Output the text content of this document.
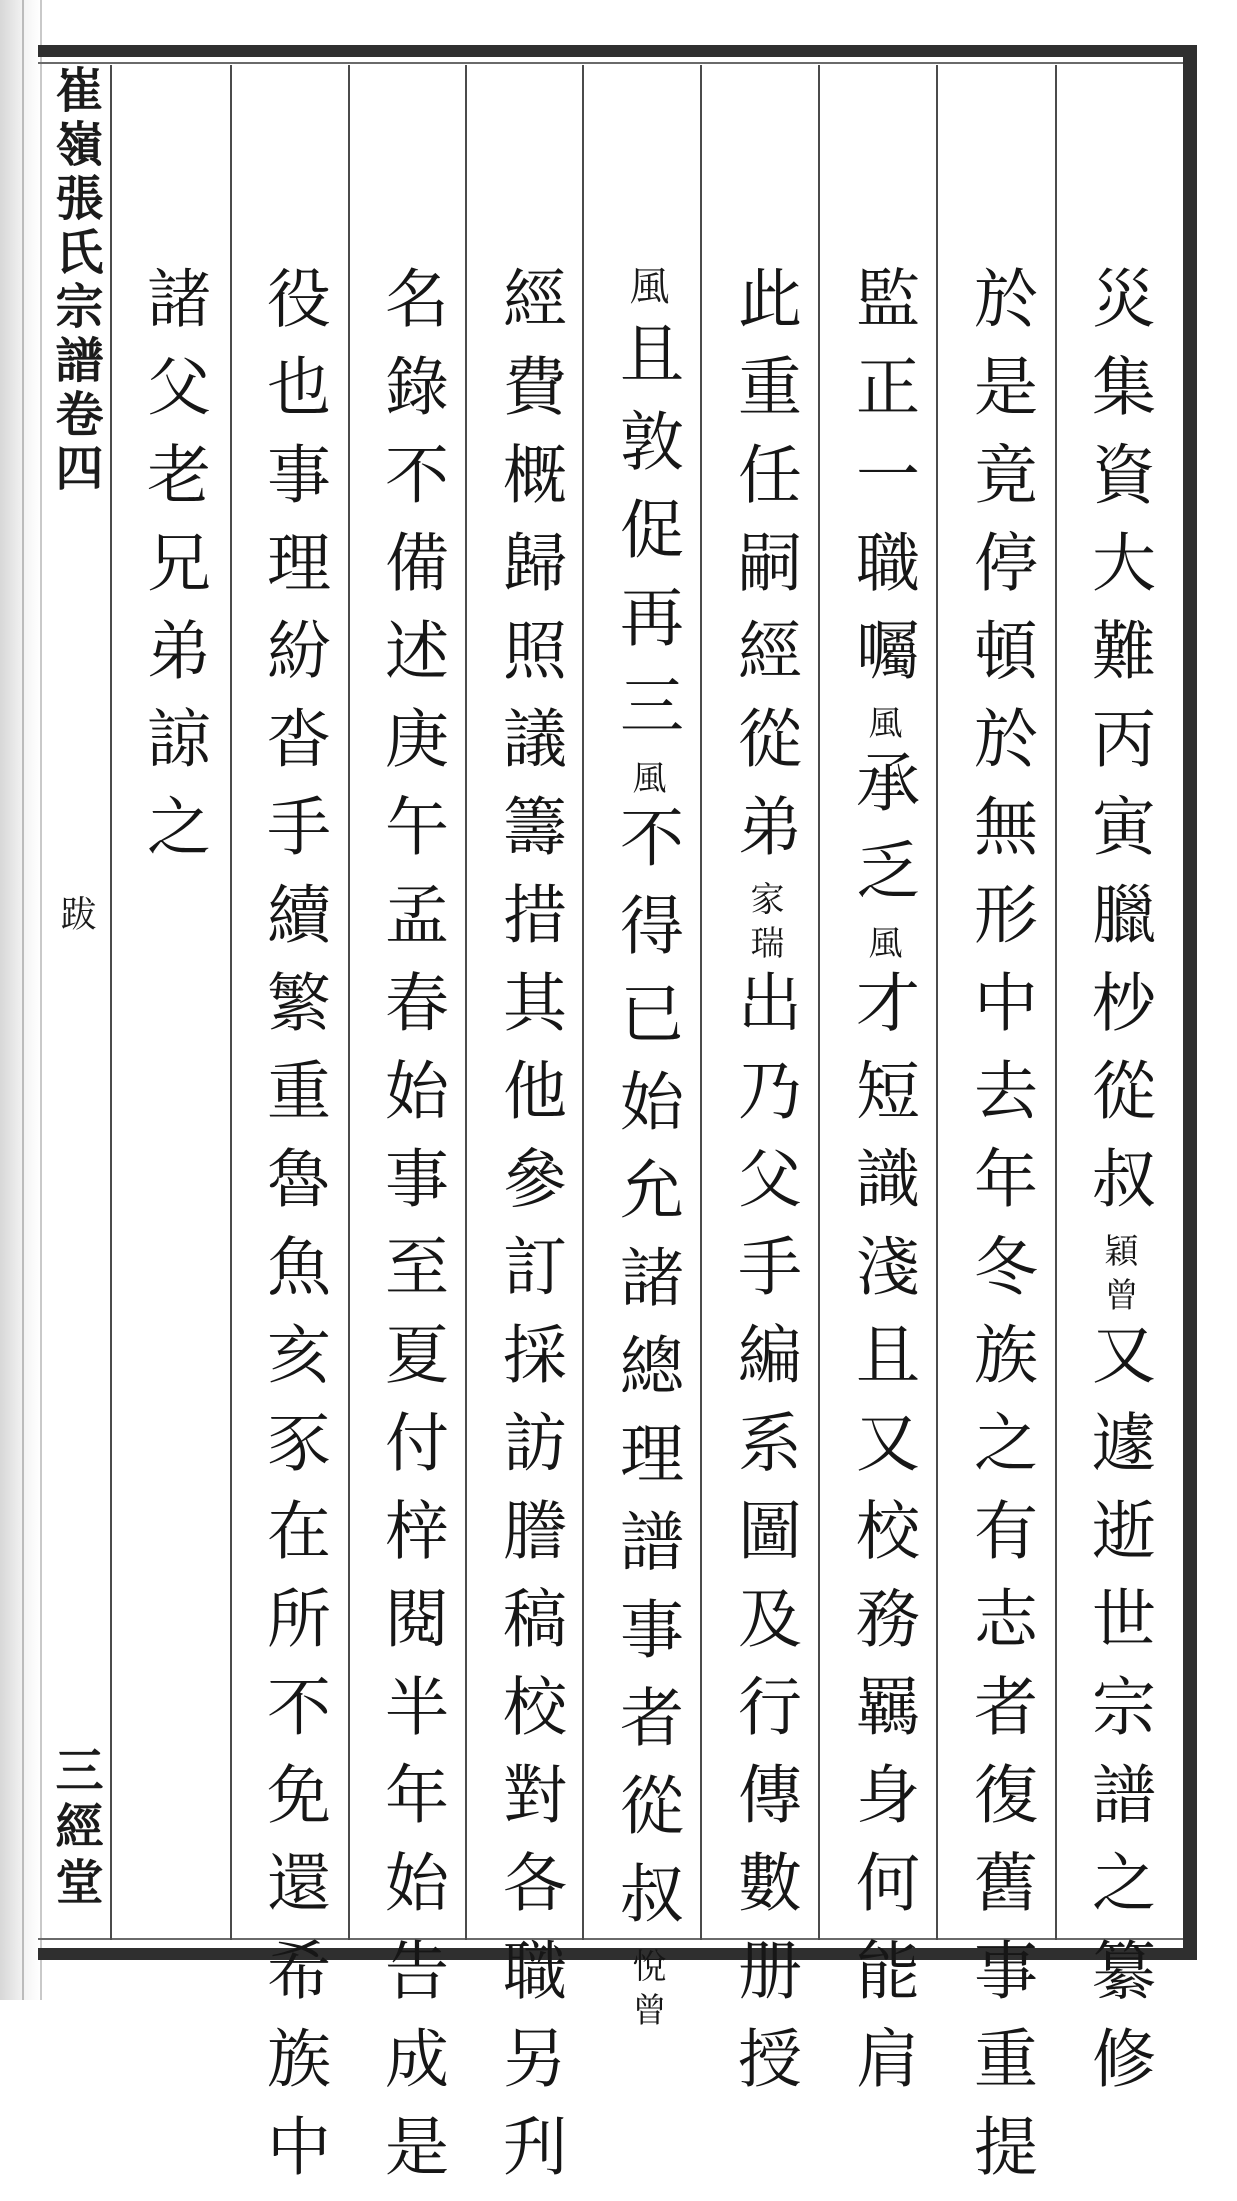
崔嶺張氏宗譜卷四
跋
三經堂
災集資大難丙寅臘杪從叔穎曾又遽逝世宗譜之纂修
於是竟停頓於無形中去年冬族之有志者復舊事重提
監正一職囑風承乏風才短識淺且又校務羈身何能肩
此重任嗣經從弟家瑞出乃父手編系圖及行傳數册授
風
且敦促再三風不得已始允諸總理譜事者從叔悅曾
經費概歸照議籌措其他參訂採訪謄稿校對各職另刋
名錄不備述庚午孟春始事至夏付梓閱半年始告成是
役也事理紛沓手續繁重魯魚亥豕在所不免還希族中
諸父老兄弟諒之
